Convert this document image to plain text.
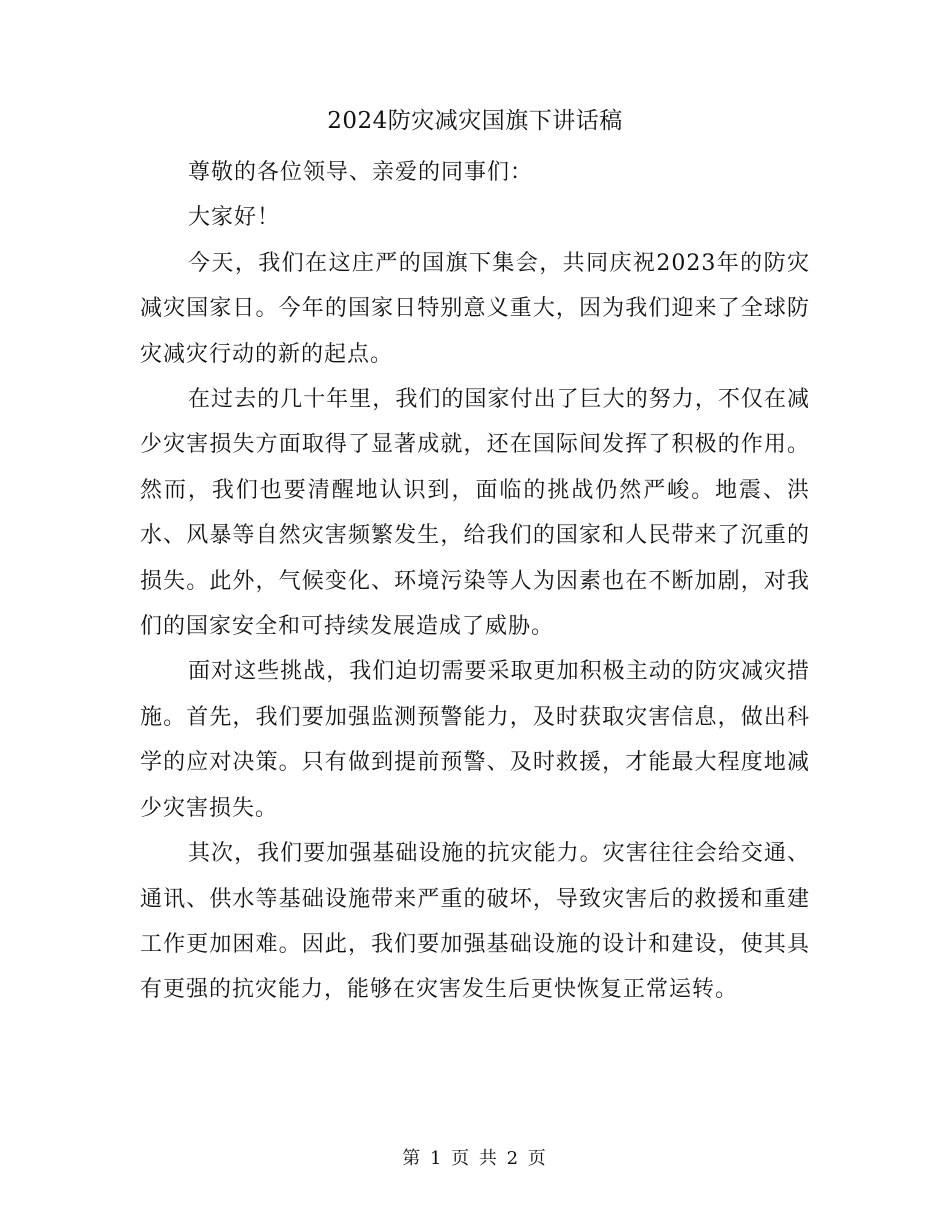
2024防灾减灾国旗下讲话稿

尊敬的各位领导、亲爱的同事们：

大家好！

今天，我们在这庄严的国旗下集会，共同庆祝2023年的防灾减灾国家日。今年的国家日特别意义重大，因为我们迎来了全球防灾减灾行动的新的起点。

在过去的几十年里，我们的国家付出了巨大的努力，不仅在减少灾害损失方面取得了显著成就，还在国际间发挥了积极的作用。然而，我们也要清醒地认识到，面临的挑战仍然严峻。地震、洪水、风暴等自然灾害频繁发生，给我们的国家和人民带来了沉重的损失。此外，气候变化、环境污染等人为因素也在不断加剧，对我们的国家安全和可持续发展造成了威胁。

面对这些挑战，我们迫切需要采取更加积极主动的防灾减灾措施。首先，我们要加强监测预警能力，及时获取灾害信息，做出科学的应对决策。只有做到提前预警、及时救援，才能最大程度地减少灾害损失。

其次，我们要加强基础设施的抗灾能力。灾害往往会给交通、通讯、供水等基础设施带来严重的破坏，导致灾害后的救援和重建工作更加困难。因此，我们要加强基础设施的设计和建设，使其具有更强的抗灾能力，能够在灾害发生后更快恢复正常运转。

第 1 页 共 2 页
